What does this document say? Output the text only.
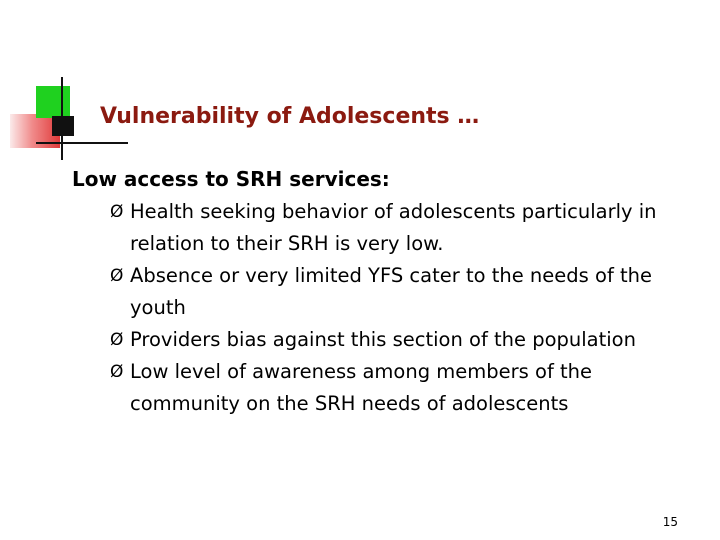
Vulnerability of Adolescents …

Low access to SRH services:

Ø Health seeking behavior of adolescents particularly in relation to their SRH is very low.
Ø Absence or very limited YFS cater to the needs of the youth
Ø Providers bias against this section of the population
Ø Low level of awareness among members of the community on the SRH needs of adolescents
15
